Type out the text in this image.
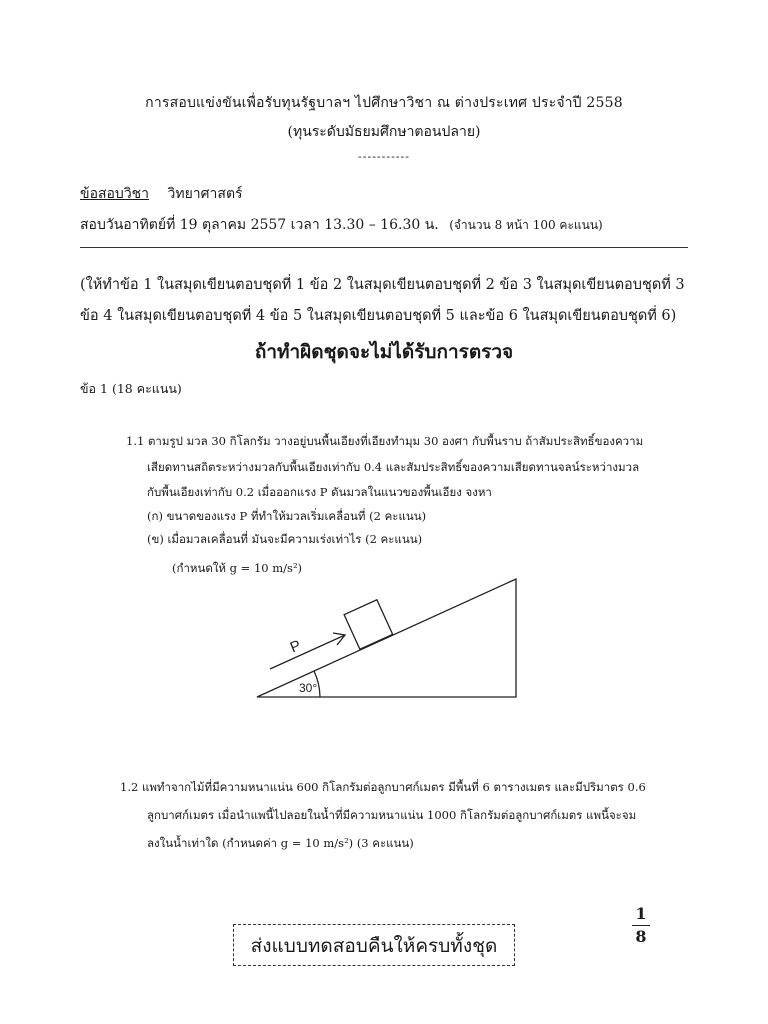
การสอบแข่งขันเพื่อรับทุนรัฐบาลฯ ไปศึกษาวิชา ณ ต่างประเทศ ประจำปี 2558
(ทุนระดับมัธยมศึกษาตอนปลาย)
-----------
ข้อสอบวิชา วิทยาศาสตร์
สอบวันอาทิตย์ที่ 19 ตุลาคม 2557 เวลา 13.30 – 16.30 น. (จำนวน 8 หน้า 100 คะแนน)
(ให้ทำข้อ 1 ในสมุดเขียนตอบชุดที่ 1 ข้อ 2 ในสมุดเขียนตอบชุดที่ 2 ข้อ 3 ในสมุดเขียนตอบชุดที่ 3
ข้อ 4 ในสมุดเขียนตอบชุดที่ 4 ข้อ 5 ในสมุดเขียนตอบชุดที่ 5 และข้อ 6 ในสมุดเขียนตอบชุดที่ 6)
ถ้าทำผิดชุดจะไม่ได้รับการตรวจ
ข้อ 1 (18 คะแนน)
1.1 ตามรูป มวล 30 กิโลกรัม วางอยู่บนพื้นเอียงที่เอียงทำมุม 30 องศา กับพื้นราบ ถ้าสัมประสิทธิ์ของความ
เสียดทานสถิตระหว่างมวลกับพื้นเอียงเท่ากับ 0.4 และสัมประสิทธิ์ของความเสียดทานจลน์ระหว่างมวล
กับพื้นเอียงเท่ากับ 0.2 เมื่อออกแรง P ดันมวลในแนวของพื้นเอียง จงหา
(ก) ขนาดของแรง P ที่ทำให้มวลเริ่มเคลื่อนที่ (2 คะแนน)
(ข) เมื่อมวลเคลื่อนที่ มันจะมีความเร่งเท่าไร (2 คะแนน)
(กำหนดให้ g = 10 m/s²)
P
30°
1.2 แพทำจากไม้ที่มีความหนาแน่น 600 กิโลกรัมต่อลูกบาศก์เมตร มีพื้นที่ 6 ตารางเมตร และมีปริมาตร 0.6
ลูกบาศก์เมตร เมื่อนำแพนี้ไปลอยในน้ำที่มีความหนาแน่น 1000 กิโลกรัมต่อลูกบาศก์เมตร แพนี้จะจม
ลงในน้ำเท่าใด (กำหนดค่า g = 10 m/s²) (3 คะแนน)
ส่งแบบทดสอบคืนให้ครบทั้งชุด
1
8
